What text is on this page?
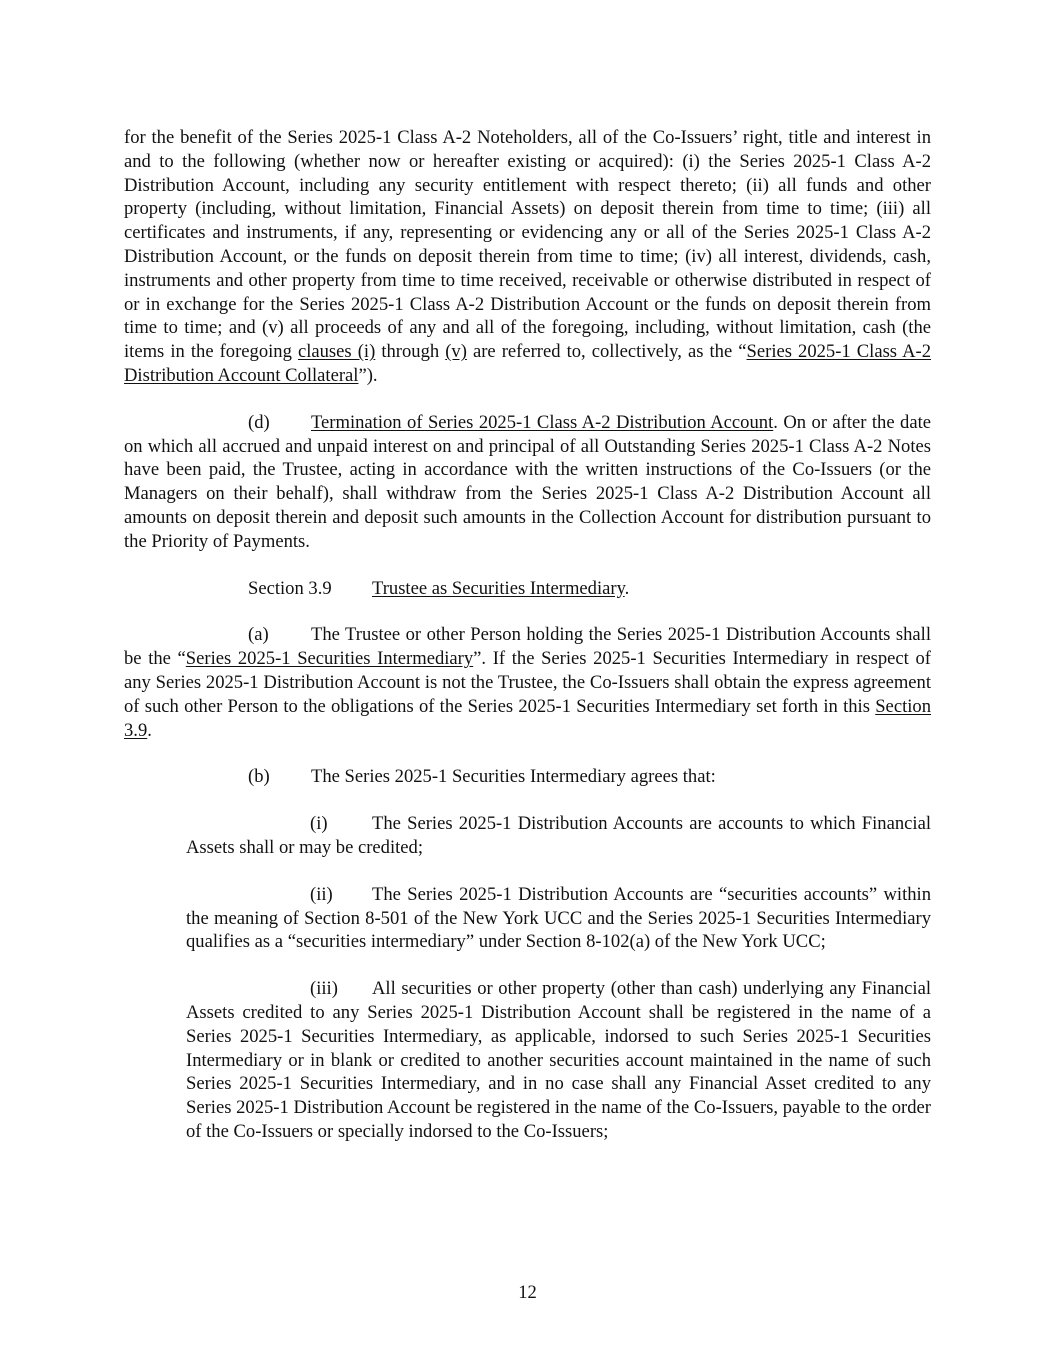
for the benefit of the Series 2025-1 Class A-2 Noteholders, all of the Co-Issuers’ right, title and interest in and to the following (whether now or hereafter existing or acquired): (i) the Series 2025-1 Class A-2 Distribution Account, including any security entitlement with respect thereto; (ii) all funds and other property (including, without limitation, Financial Assets) on deposit therein from time to time; (iii) all certificates and instruments, if any, representing or evidencing any or all of the Series 2025-1 Class A-2 Distribution Account, or the funds on deposit therein from time to time; (iv) all interest, dividends, cash, instruments and other property from time to time received, receivable or otherwise distributed in respect of or in exchange for the Series 2025-1 Class A-2 Distribution Account or the funds on deposit therein from time to time; and (v) all proceeds of any and all of the foregoing, including, without limitation, cash (the items in the foregoing clauses (i) through (v) are referred to, collectively, as the “Series 2025-1 Class A-2 Distribution Account Collateral”).

(d) Termination of Series 2025-1 Class A-2 Distribution Account. On or after the date on which all accrued and unpaid interest on and principal of all Outstanding Series 2025-1 Class A-2 Notes have been paid, the Trustee, acting in accordance with the written instructions of the Co-Issuers (or the Managers on their behalf), shall withdraw from the Series 2025-1 Class A-2 Distribution Account all amounts on deposit therein and deposit such amounts in the Collection Account for distribution pursuant to the Priority of Payments.

Section 3.9 Trustee as Securities Intermediary.

(a) The Trustee or other Person holding the Series 2025-1 Distribution Accounts shall be the “Series 2025-1 Securities Intermediary”. If the Series 2025-1 Securities Intermediary in respect of any Series 2025-1 Distribution Account is not the Trustee, the Co-Issuers shall obtain the express agreement of such other Person to the obligations of the Series 2025-1 Securities Intermediary set forth in this Section 3.9.

(b) The Series 2025-1 Securities Intermediary agrees that:

(i) The Series 2025-1 Distribution Accounts are accounts to which Financial Assets shall or may be credited;

(ii) The Series 2025-1 Distribution Accounts are “securities accounts” within the meaning of Section 8-501 of the New York UCC and the Series 2025-1 Securities Intermediary qualifies as a “securities intermediary” under Section 8-102(a) of the New York UCC;

(iii) All securities or other property (other than cash) underlying any Financial Assets credited to any Series 2025-1 Distribution Account shall be registered in the name of a Series 2025-1 Securities Intermediary, as applicable, indorsed to such Series 2025-1 Securities Intermediary or in blank or credited to another securities account maintained in the name of such Series 2025-1 Securities Intermediary, and in no case shall any Financial Asset credited to any Series 2025-1 Distribution Account be registered in the name of the Co-Issuers, payable to the order of the Co-Issuers or specially indorsed to the Co-Issuers;

12
